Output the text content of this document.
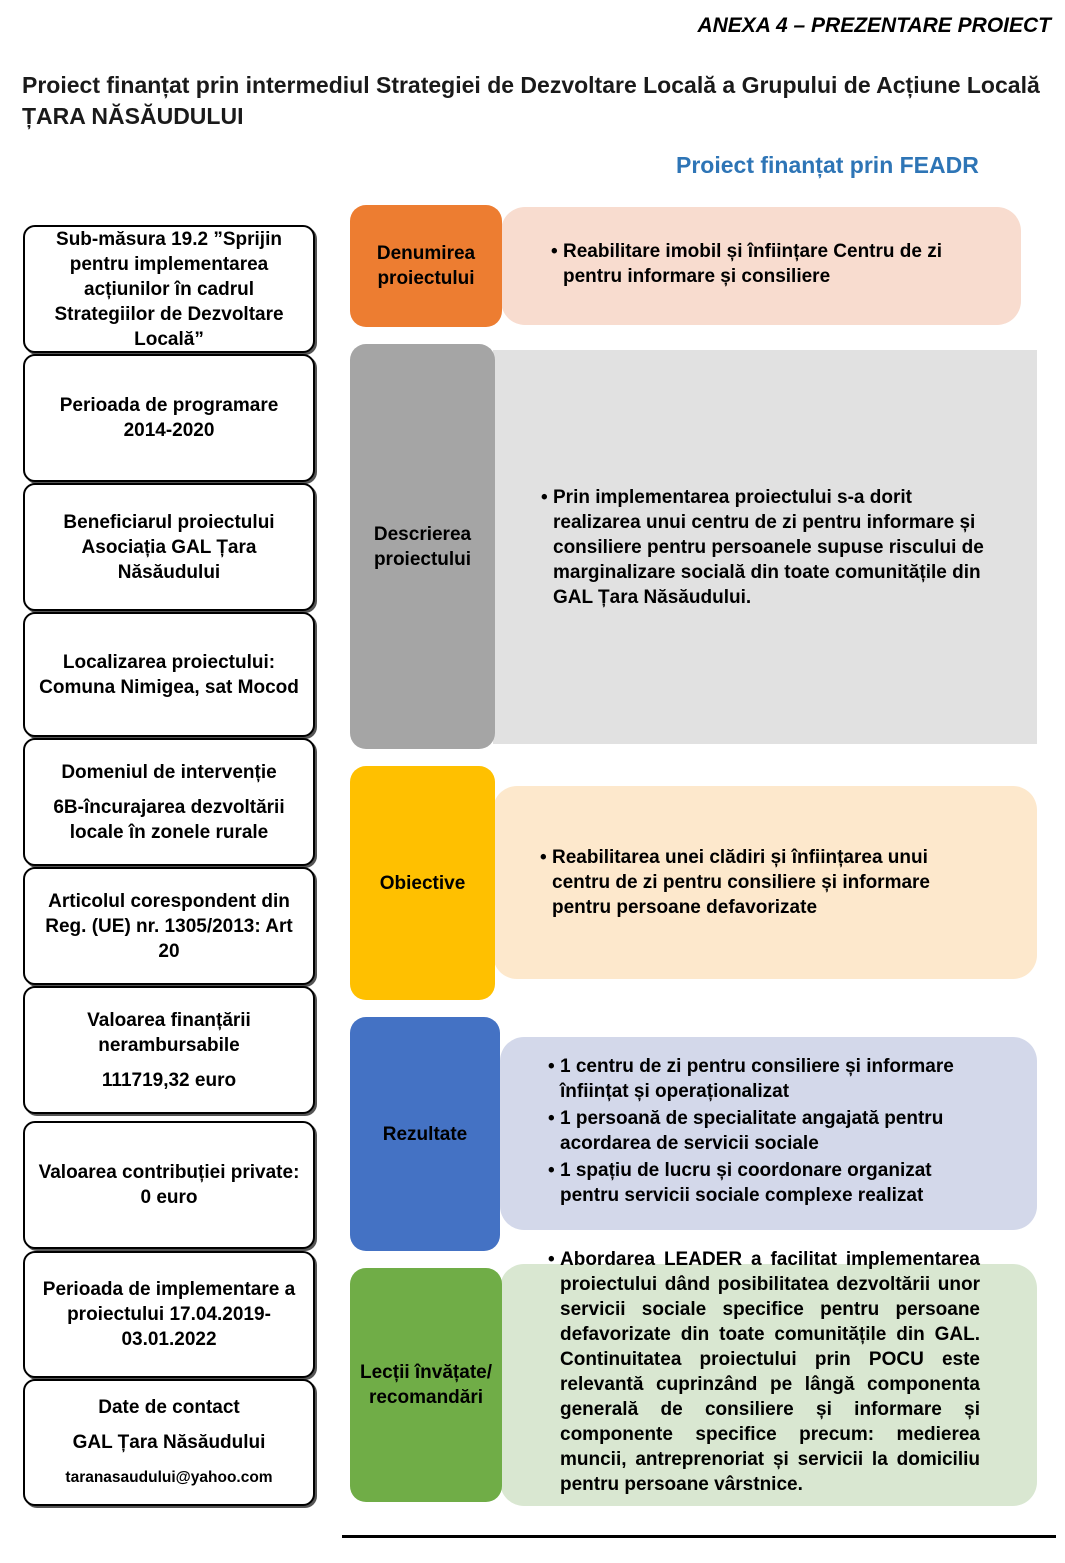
ANEXA 4 – PREZENTARE PROIECT
Proiect finanțat prin intermediul Strategiei de Dezvoltare Locală a Grupului de Acțiune Locală ȚARA NĂSĂUDULUI
Proiect finanțat prin FEADR
Sub-măsura 19.2 ”Sprijin pentru implementarea acțiunilor în cadrul Strategiilor de Dezvoltare Locală”
Perioada de programare
2014-2020
Beneficiarul proiectului
Asociația GAL Țara Năsăudului
Localizarea proiectului: Comuna Nimigea, sat Mocod
Domeniul de intervenție
6B-încurajarea dezvoltării locale în zonele rurale
Articolul corespondent din Reg. (UE) nr. 1305/2013: Art 20
Valoarea finanțării nerambursabile
111719,32 euro
Valoarea contribuției private: 0 euro
Perioada de implementare a proiectului 17.04.2019-03.01.2022
Date de contact
GAL Țara Năsăudului
taranasaudului@yahoo.com
• Reabilitare imobil și înființare Centru de zi pentru informare și consiliere
Denumirea proiectului
• Prin implementarea proiectului s-a dorit realizarea unui centru de zi pentru informare și consiliere pentru persoanele supuse riscului de marginalizare socială din toate comunitățile din GAL Țara Năsăudului.
Descrierea proiectului
• Reabilitarea unei clădiri și înființarea unui centru de zi pentru consiliere și informare pentru persoane defavorizate
Obiective
• 1 centru de zi pentru consiliere și informare înființat și operaționalizat
• 1 persoană de specialitate angajată pentru acordarea de servicii sociale
• 1 spațiu de lucru și coordonare organizat pentru servicii sociale complexe realizat
Rezultate
• Abordarea LEADER a facilitat implementarea proiectului dând posibilitatea dezvoltării unor servicii sociale specifice pentru persoane defavorizate din toate comunitățile din GAL. Continuitatea proiectului prin POCU este relevantă cuprinzând pe lângă componenta generală de consiliere și informare și componente specifice precum: medierea muncii, antreprenoriat și servicii la domiciliu pentru persoane vârstnice.
Lecții învățate/ recomandări
